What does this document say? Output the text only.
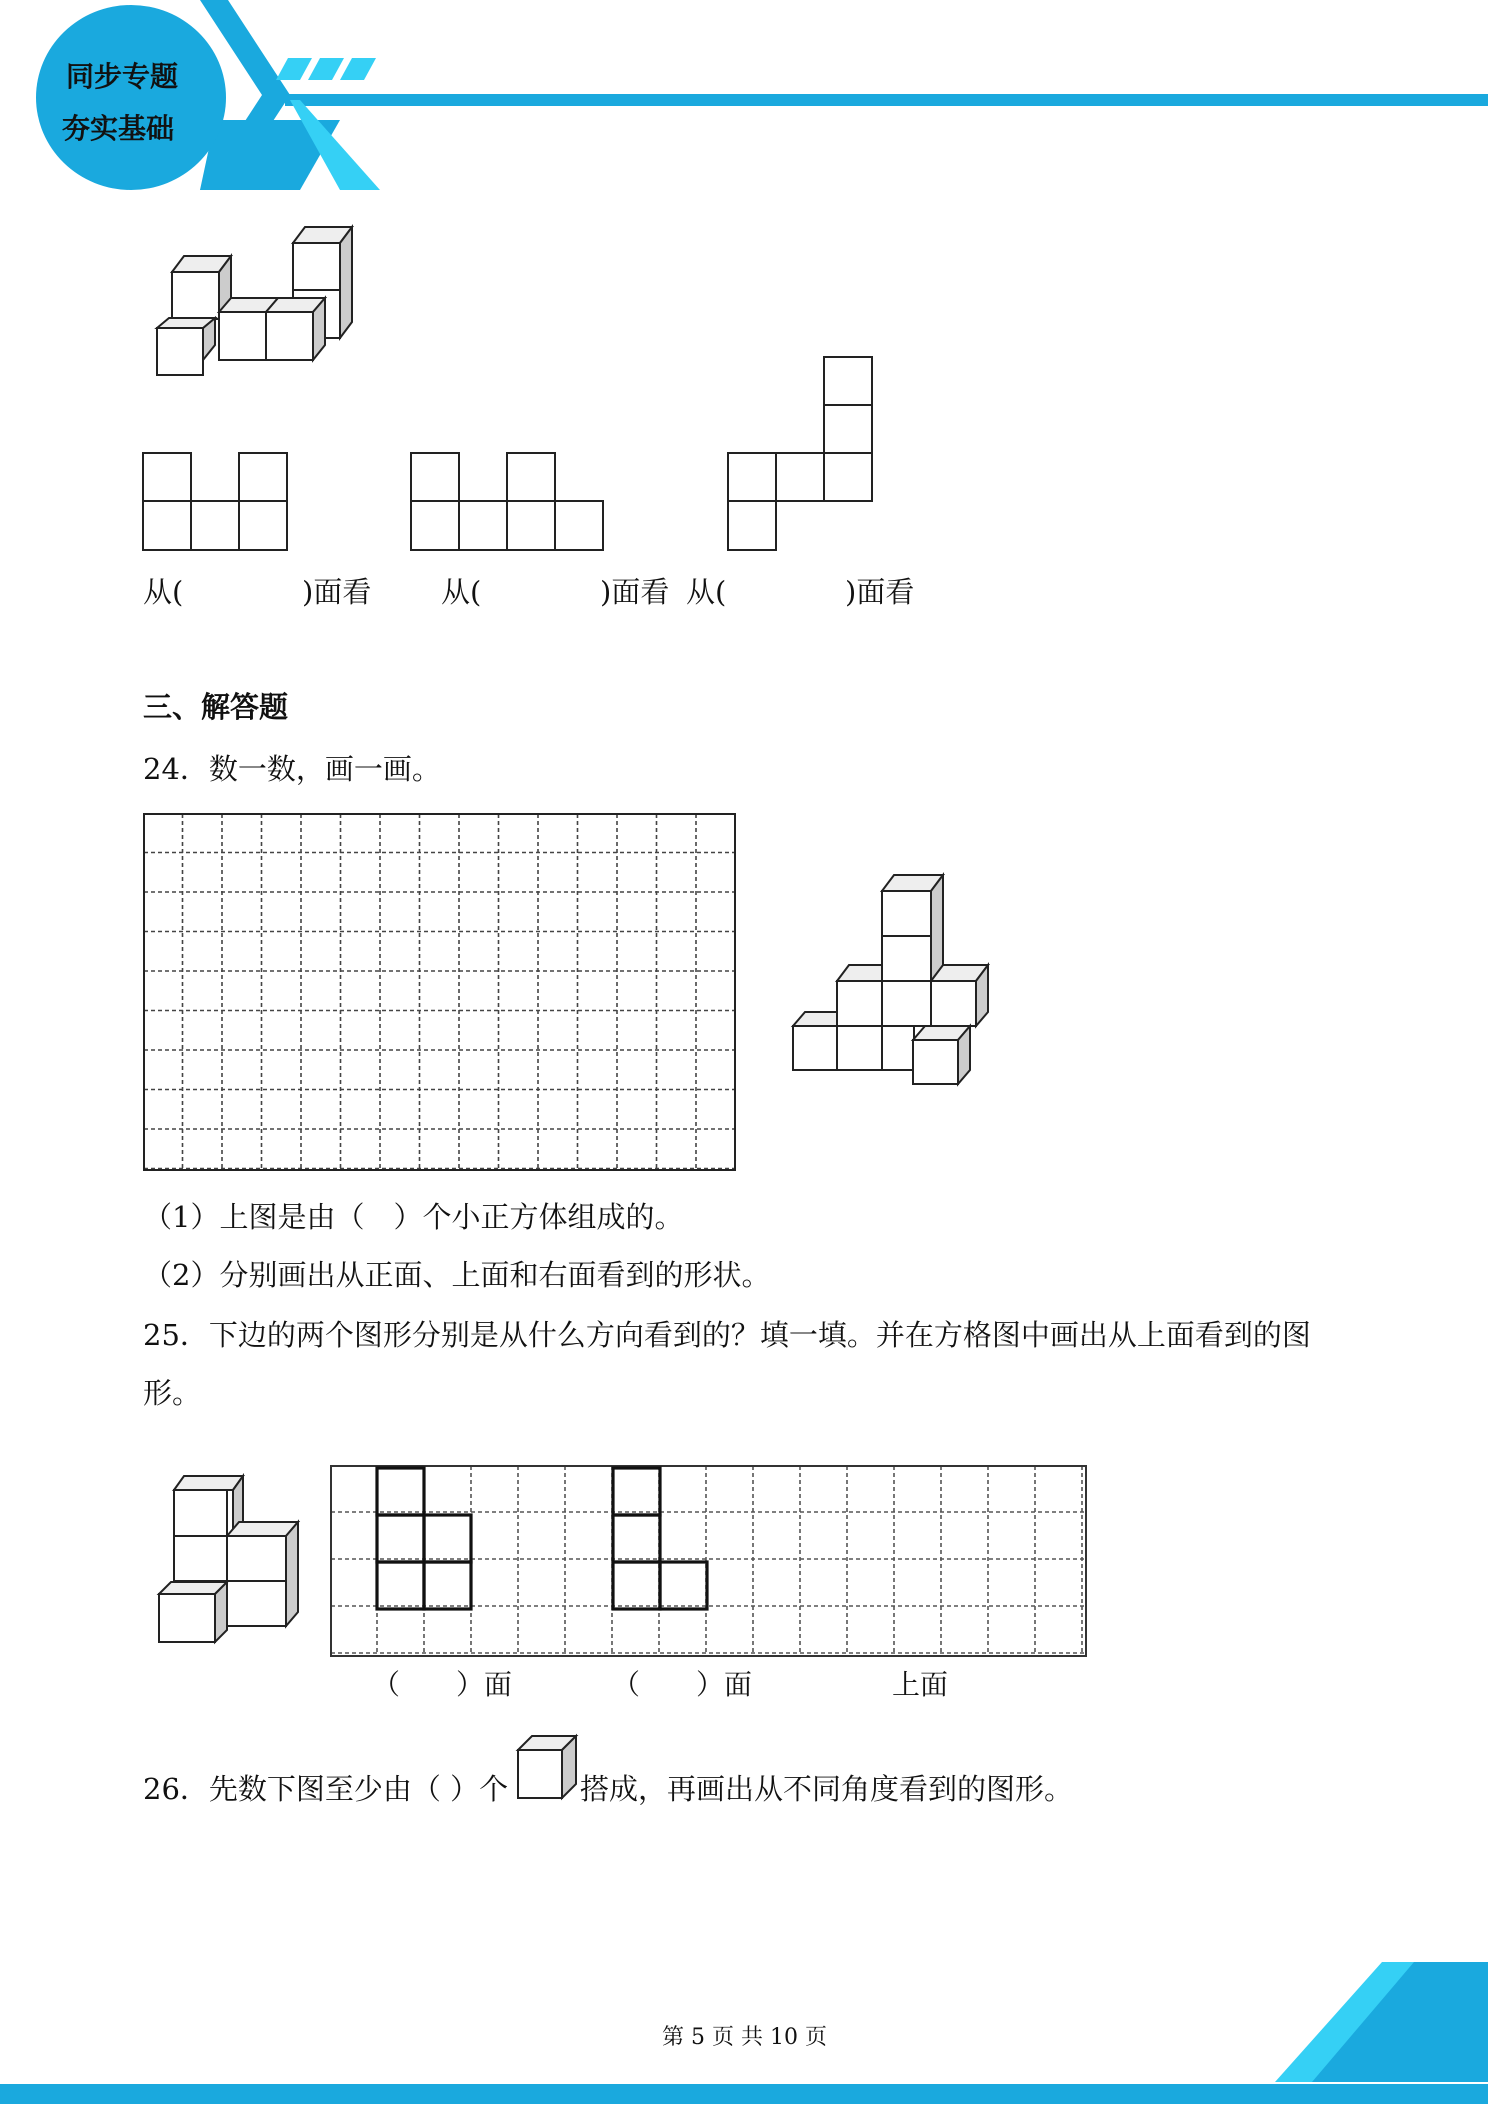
同步专题
夯实基础
从(	)面看 从(	)面看 从(	)面看
三、解答题
24．数一数，画一画。
（1）上图是由（　）个小正方体组成的。
（2）分别画出从正面、上面和右面看到的形状。
25．下边的两个图形分别是从什么方向看到的？填一填。并在方格图中画出从上面看到的图
形。
（　　）面	（　　）面	上面
26．先数下图至少由（ ）个 搭成，再画出从不同角度看到的图形。
第 5 页 共 10 页
